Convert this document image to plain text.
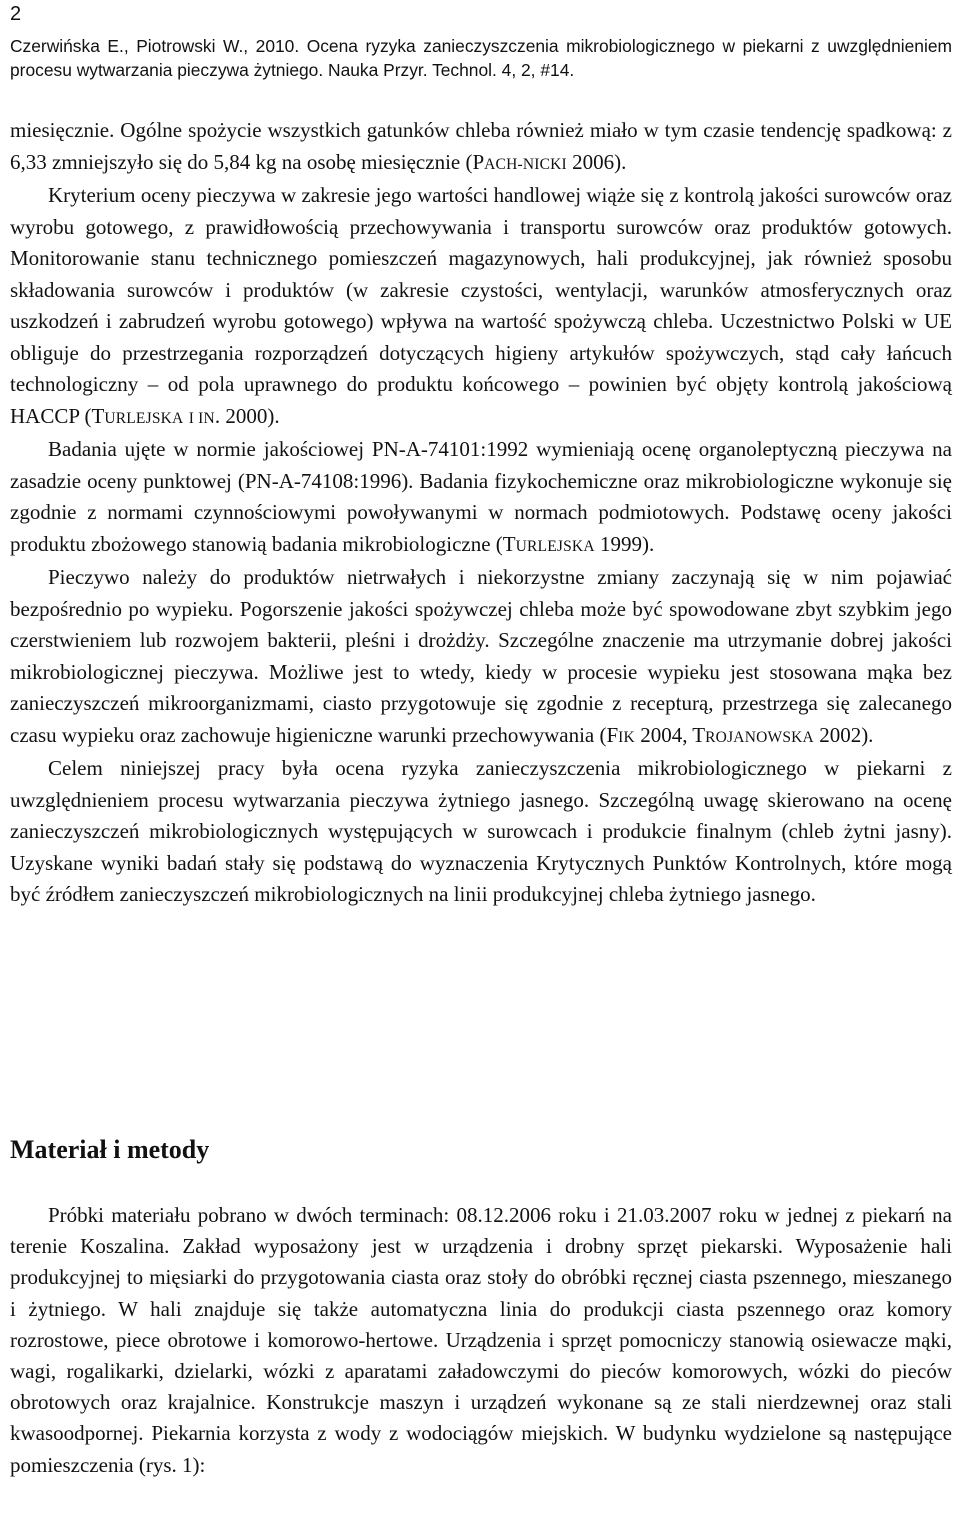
2
Czerwińska E., Piotrowski W., 2010. Ocena ryzyka zanieczyszczenia mikrobiologicznego w piekarni z uwzględnieniem procesu wytwarzania pieczywa żytniego. Nauka Przyr. Technol. 4, 2, #14.

miesięcznie. Ogólne spożycie wszystkich gatunków chleba również miało w tym czasie tendencję spadkową: z 6,33 zmniejszyło się do 5,84 kg na osobę miesięcznie (PACH-NICKI 2006).

Kryterium oceny pieczywa w zakresie jego wartości handlowej wiąże się z kontrolą jakości surowców oraz wyrobu gotowego, z prawidłowością przechowywania i transportu surowców oraz produktów gotowych. Monitorowanie stanu technicznego pomieszczeń magazynowych, hali produkcyjnej, jak również sposobu składowania surowców i produktów (w zakresie czystości, wentylacji, warunków atmosferycznych oraz uszkodzeń i zabrudzeń wyrobu gotowego) wpływa na wartość spożywczą chleba. Uczestnictwo Polski w UE obliguje do przestrzegania rozporządzeń dotyczących higieny artykułów spożywczych, stąd cały łańcuch technologiczny – od pola uprawnego do produktu końcowego – powinien być objęty kontrolą jakościową HACCP (TURLEJSKA I IN. 2000).

Badania ujęte w normie jakościowej PN-A-74101:1992 wymieniają ocenę organoleptyczną pieczywa na zasadzie oceny punktowej (PN-A-74108:1996). Badania fizykochemiczne oraz mikrobiologiczne wykonuje się zgodnie z normami czynnościowymi powoływanymi w normach podmiotowych. Podstawę oceny jakości produktu zbożowego stanowią badania mikrobiologiczne (TURLEJSKA 1999).

Pieczywo należy do produktów nietrwałych i niekorzystne zmiany zaczynają się w nim pojawiać bezpośrednio po wypieku. Pogorszenie jakości spożywczej chleba może być spowodowane zbyt szybkim jego czerstwieniem lub rozwojem bakterii, pleśni i drożdży. Szczególne znaczenie ma utrzymanie dobrej jakości mikrobiologicznej pieczywa. Możliwe jest to wtedy, kiedy w procesie wypieku jest stosowana mąka bez zanieczyszczeń mikroorganizmami, ciasto przygotowuje się zgodnie z recepturą, przestrzega się zalecanego czasu wypieku oraz zachowuje higieniczne warunki przechowywania (FIK 2004, TROJANOWSKA 2002).

Celem niniejszej pracy była ocena ryzyka zanieczyszczenia mikrobiologicznego w piekarni z uwzględnieniem procesu wytwarzania pieczywa żytniego jasnego. Szczególną uwagę skierowano na ocenę zanieczyszczeń mikrobiologicznych występujących w surowcach i produkcie finalnym (chleb żytni jasny). Uzyskane wyniki badań stały się podstawą do wyznaczenia Krytycznych Punktów Kontrolnych, które mogą być źródłem zanieczyszczeń mikrobiologicznych na linii produkcyjnej chleba żytniego jasnego.

Materiał i metody

Próbki materiału pobrano w dwóch terminach: 08.12.2006 roku i 21.03.2007 roku w jednej z piekarń na terenie Koszalina. Zakład wyposażony jest w urządzenia i drobny sprzęt piekarski. Wyposażenie hali produkcyjnej to mięsiarki do przygotowania ciasta oraz stoły do obróbki ręcznej ciasta pszennego, mieszanego i żytniego. W hali znajduje się także automatyczna linia do produkcji ciasta pszennego oraz komory rozrostowe, piece obrotowe i komorowo-hertowe. Urządzenia i sprzęt pomocniczy stanowią osiewacze mąki, wagi, rogalikarki, dzielarki, wózki z aparatami załadowczymi do pieców komorowych, wózki do pieców obrotowych oraz krajalnice. Konstrukcje maszyn i urządzeń wykonane są ze stali nierdzewnej oraz stali kwasoodpornej. Piekarnia korzysta z wody z wodociągów miejskich. W budynku wydzielone są następujące pomieszczenia (rys. 1):
